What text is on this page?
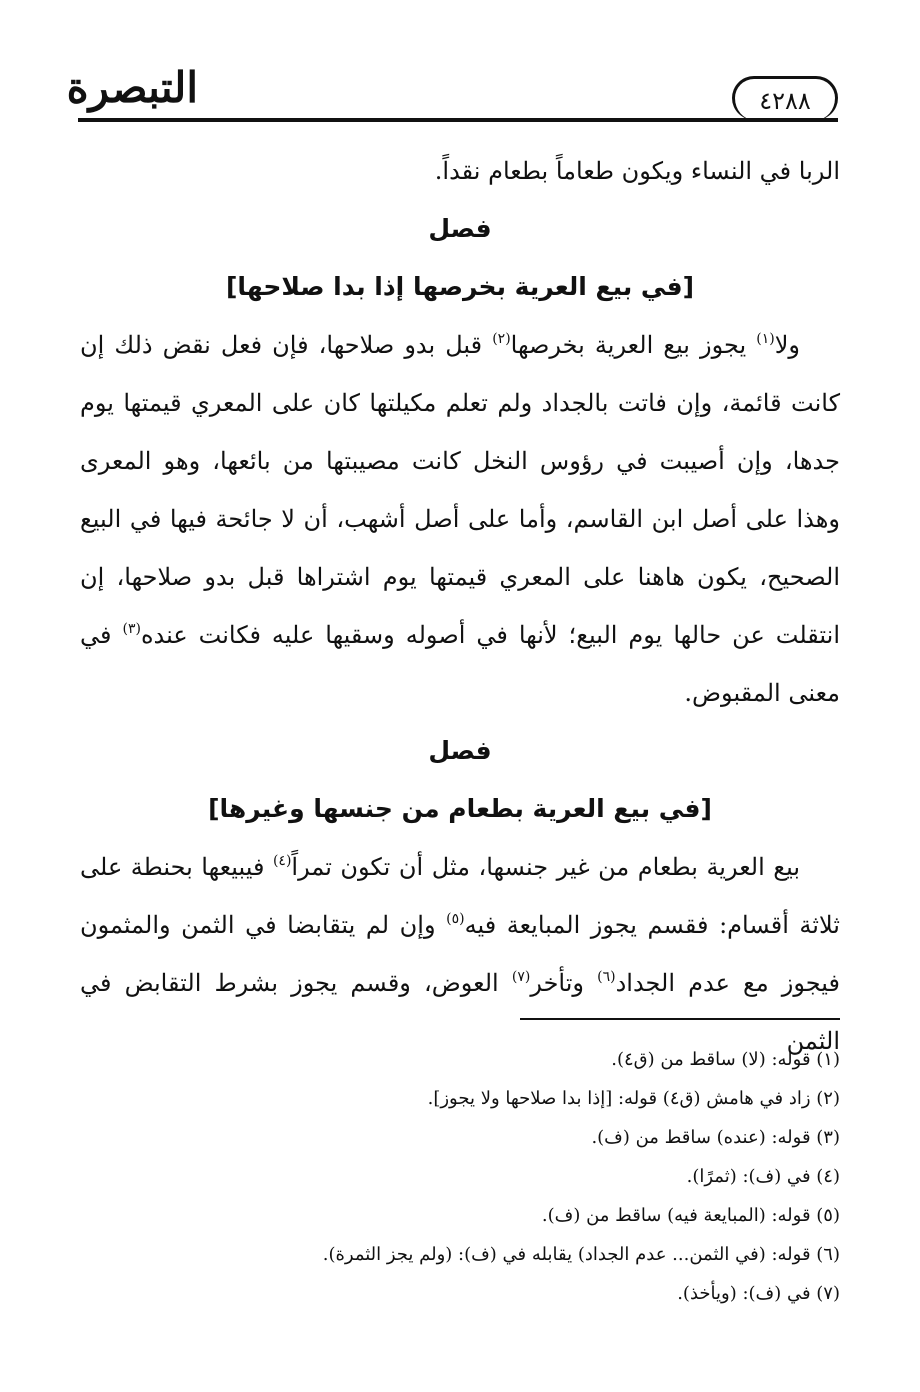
٤٢٨٨
التبصرة

الربا في النساء ويكون طعاماً بطعام نقداً.

فصل

[في بيع العرية بخرصها إذا بدا صلاحها]

ولا$^{(١)}$ يجوز بيع العرية بخرصها$^{(٢)}$ قبل بدو صلاحها، فإن فعل نقض ذلك إن كانت قائمة، وإن فاتت بالجداد ولم تعلم مكيلتها كان على المعري قيمتها يوم جدها، وإن أصيبت في رؤوس النخل كانت مصيبتها من بائعها، وهو المعرى وهذا على أصل ابن القاسم، وأما على أصل أشهب، أن لا جائحة فيها في البيع الصحيح، يكون هاهنا على المعري قيمتها يوم اشتراها قبل بدو صلاحها، إن انتقلت عن حالها يوم البيع؛ لأنها في أصوله وسقيها عليه فكانت عنده$^{(٣)}$ في معنى المقبوض.

فصل

[في بيع العرية بطعام من جنسها وغيرها]

بيع العرية بطعام من غير جنسها، مثل أن تكون تمراً$^{(٤)}$ فيبيعها بحنطة على ثلاثة أقسام: فقسم يجوز المبايعة فيه$^{(٥)}$ وإن لم يتقابضا في الثمن والمثمون فيجوز مع عدم الجداد$^{(٦)}$ وتأخر$^{(٧)}$ العوض، وقسم يجوز بشرط التقابض في الثمن

(١) قوله: (لا) ساقط من (ق٤).

(٢) زاد في هامش (ق٤) قوله: [إذا بدا صلاحها ولا يجوز].

(٣) قوله: (عنده) ساقط من (ف).

(٤) في (ف): (ثمرًا).

(٥) قوله: (المبايعة فيه) ساقط من (ف).

(٦) قوله: (في الثمن... عدم الجداد) يقابله في (ف): (ولم يجز الثمرة).

(٧) في (ف): (ويأخذ).
